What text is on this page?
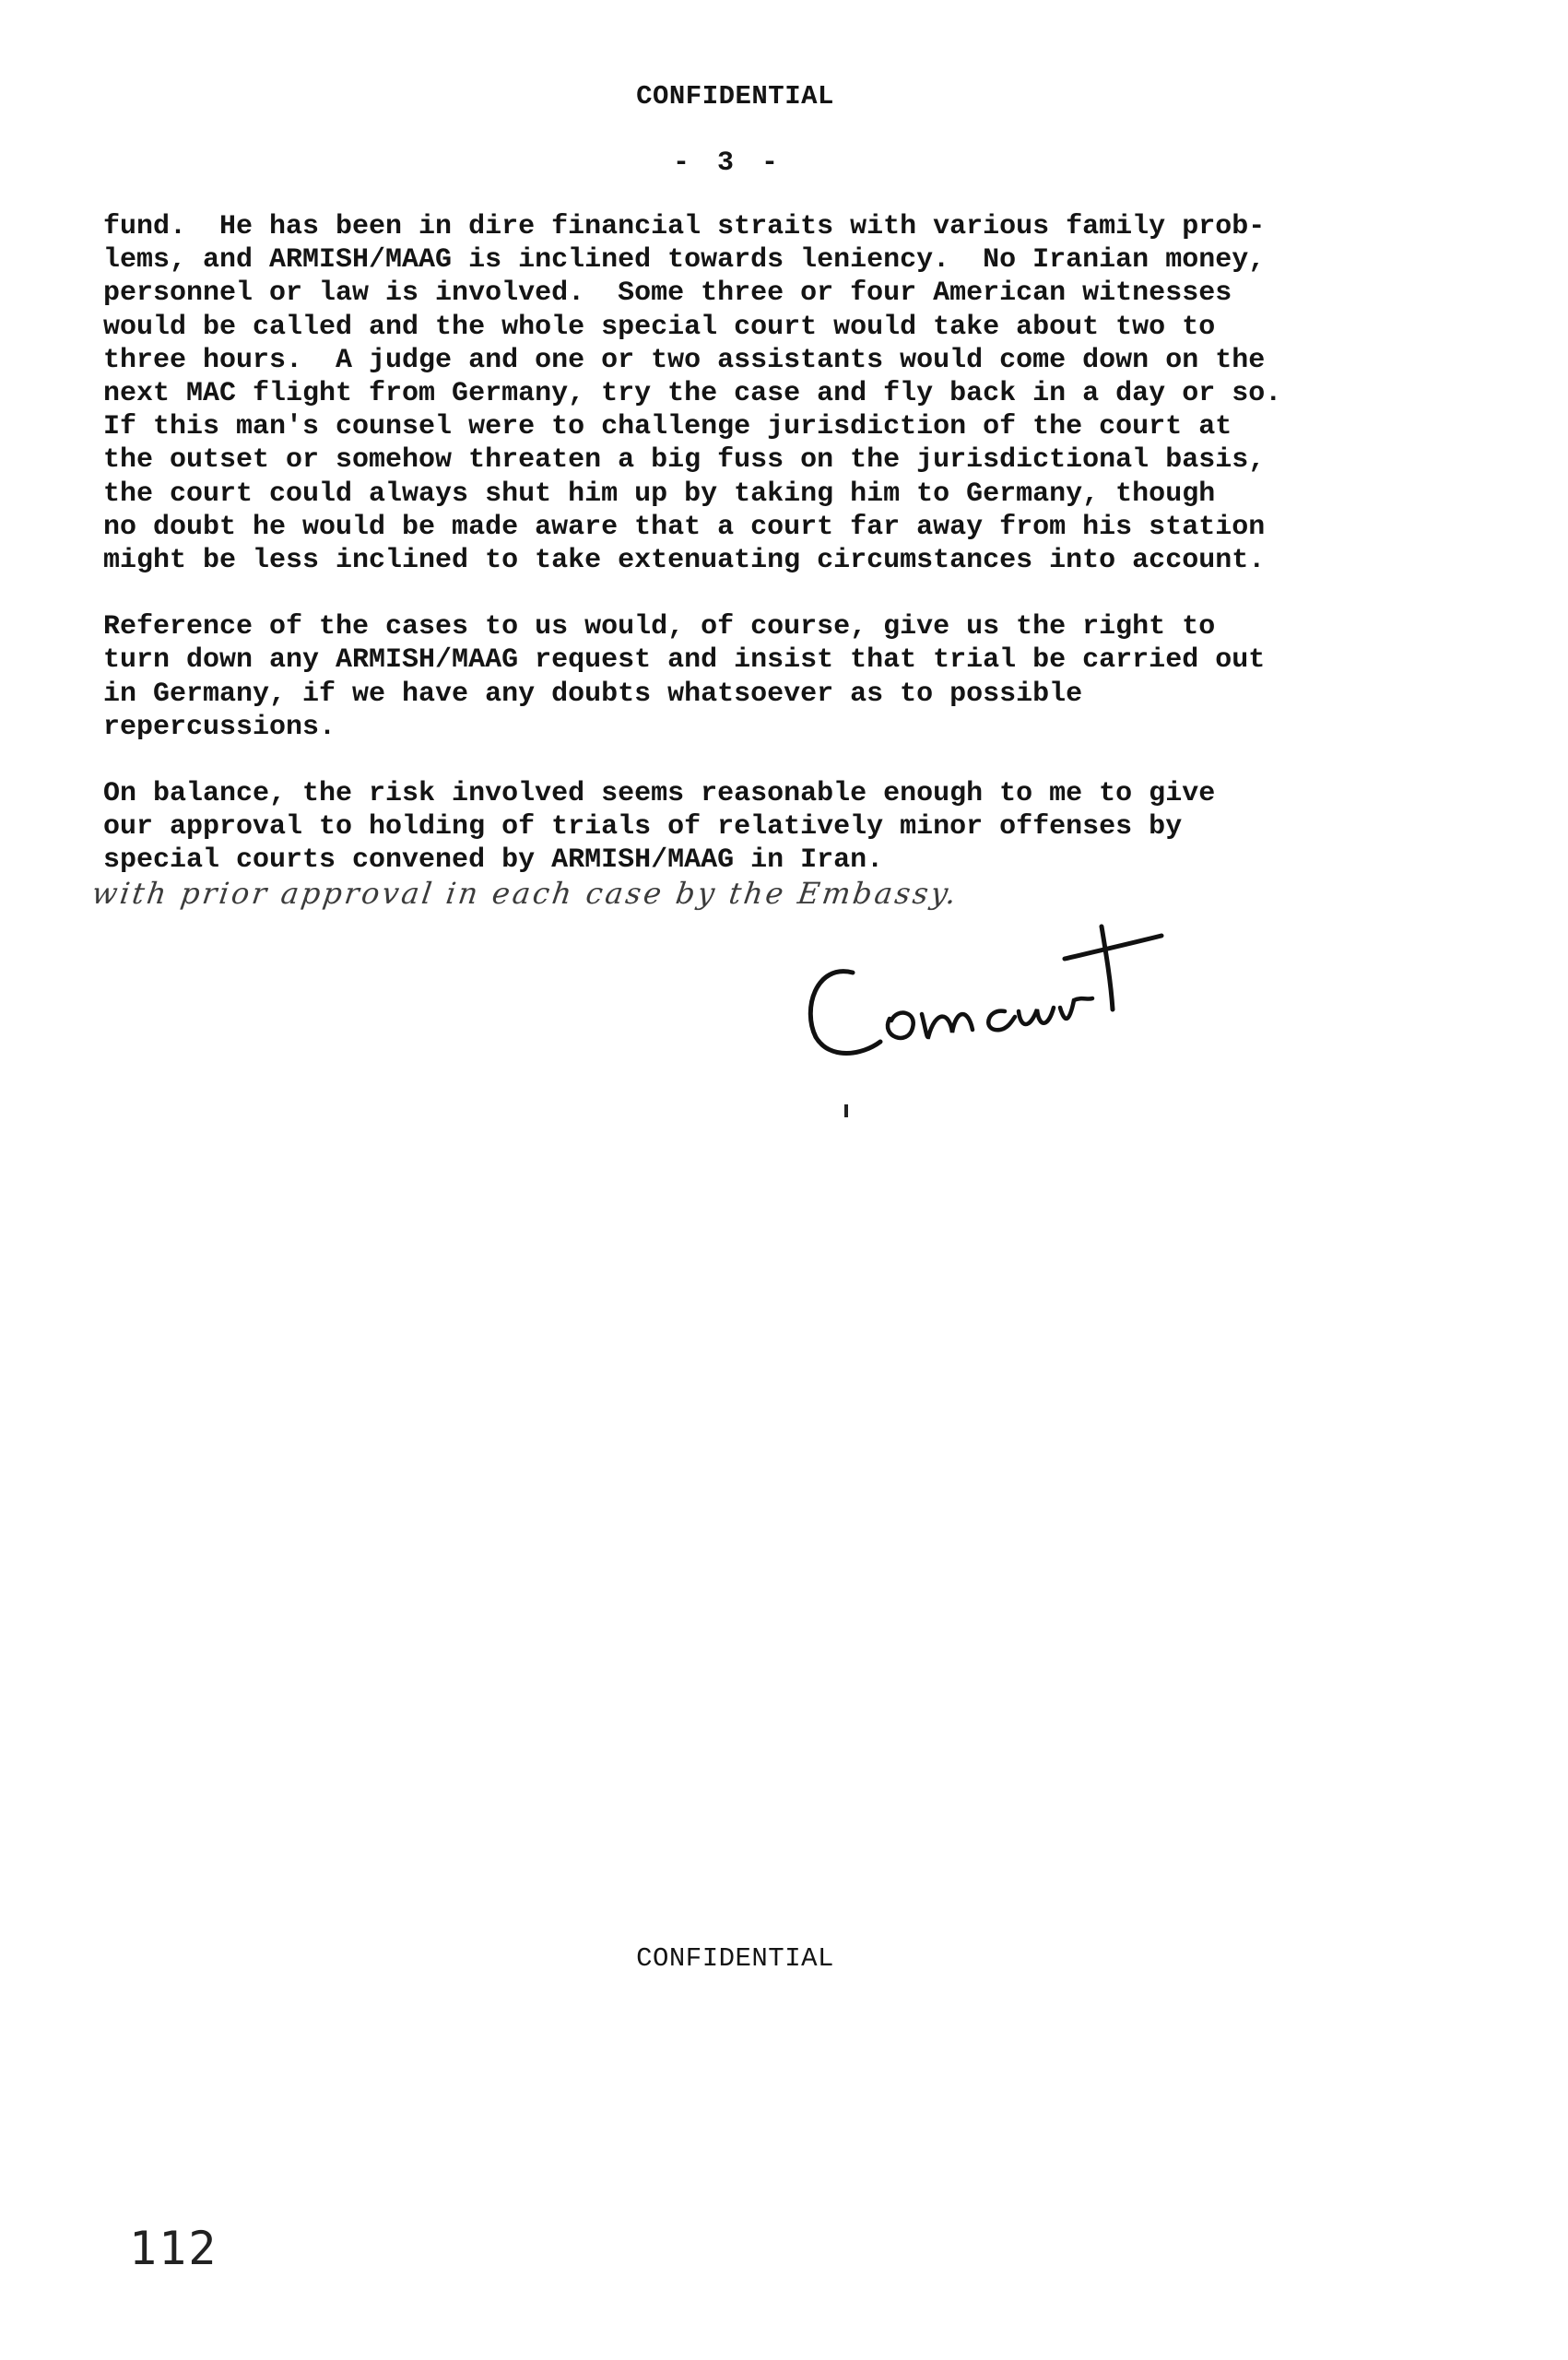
CONFIDENTIAL
- 3 -
fund.  He has been in dire financial straits with various family prob-
lems, and ARMISH/MAAG is inclined towards leniency.  No Iranian money,
personnel or law is involved.  Some three or four American witnesses
would be called and the whole special court would take about two to
three hours.  A judge and one or two assistants would come down on the
next MAC flight from Germany, try the case and fly back in a day or so.
If this man's counsel were to challenge jurisdiction of the court at
the outset or somehow threaten a big fuss on the jurisdictional basis,
the court could always shut him up by taking him to Germany, though
no doubt he would be made aware that a court far away from his station
might be less inclined to take extenuating circumstances into account.
Reference of the cases to us would, of course, give us the right to
turn down any ARMISH/MAAG request and insist that trial be carried out
in Germany, if we have any doubts whatsoever as to possible
repercussions.
On balance, the risk involved seems reasonable enough to me to give
our approval to holding of trials of relatively minor offenses by
special courts convened by ARMISH/MAAG in Iran.
with prior approval in each case by the Embassy.
CONFIDENTIAL
112
